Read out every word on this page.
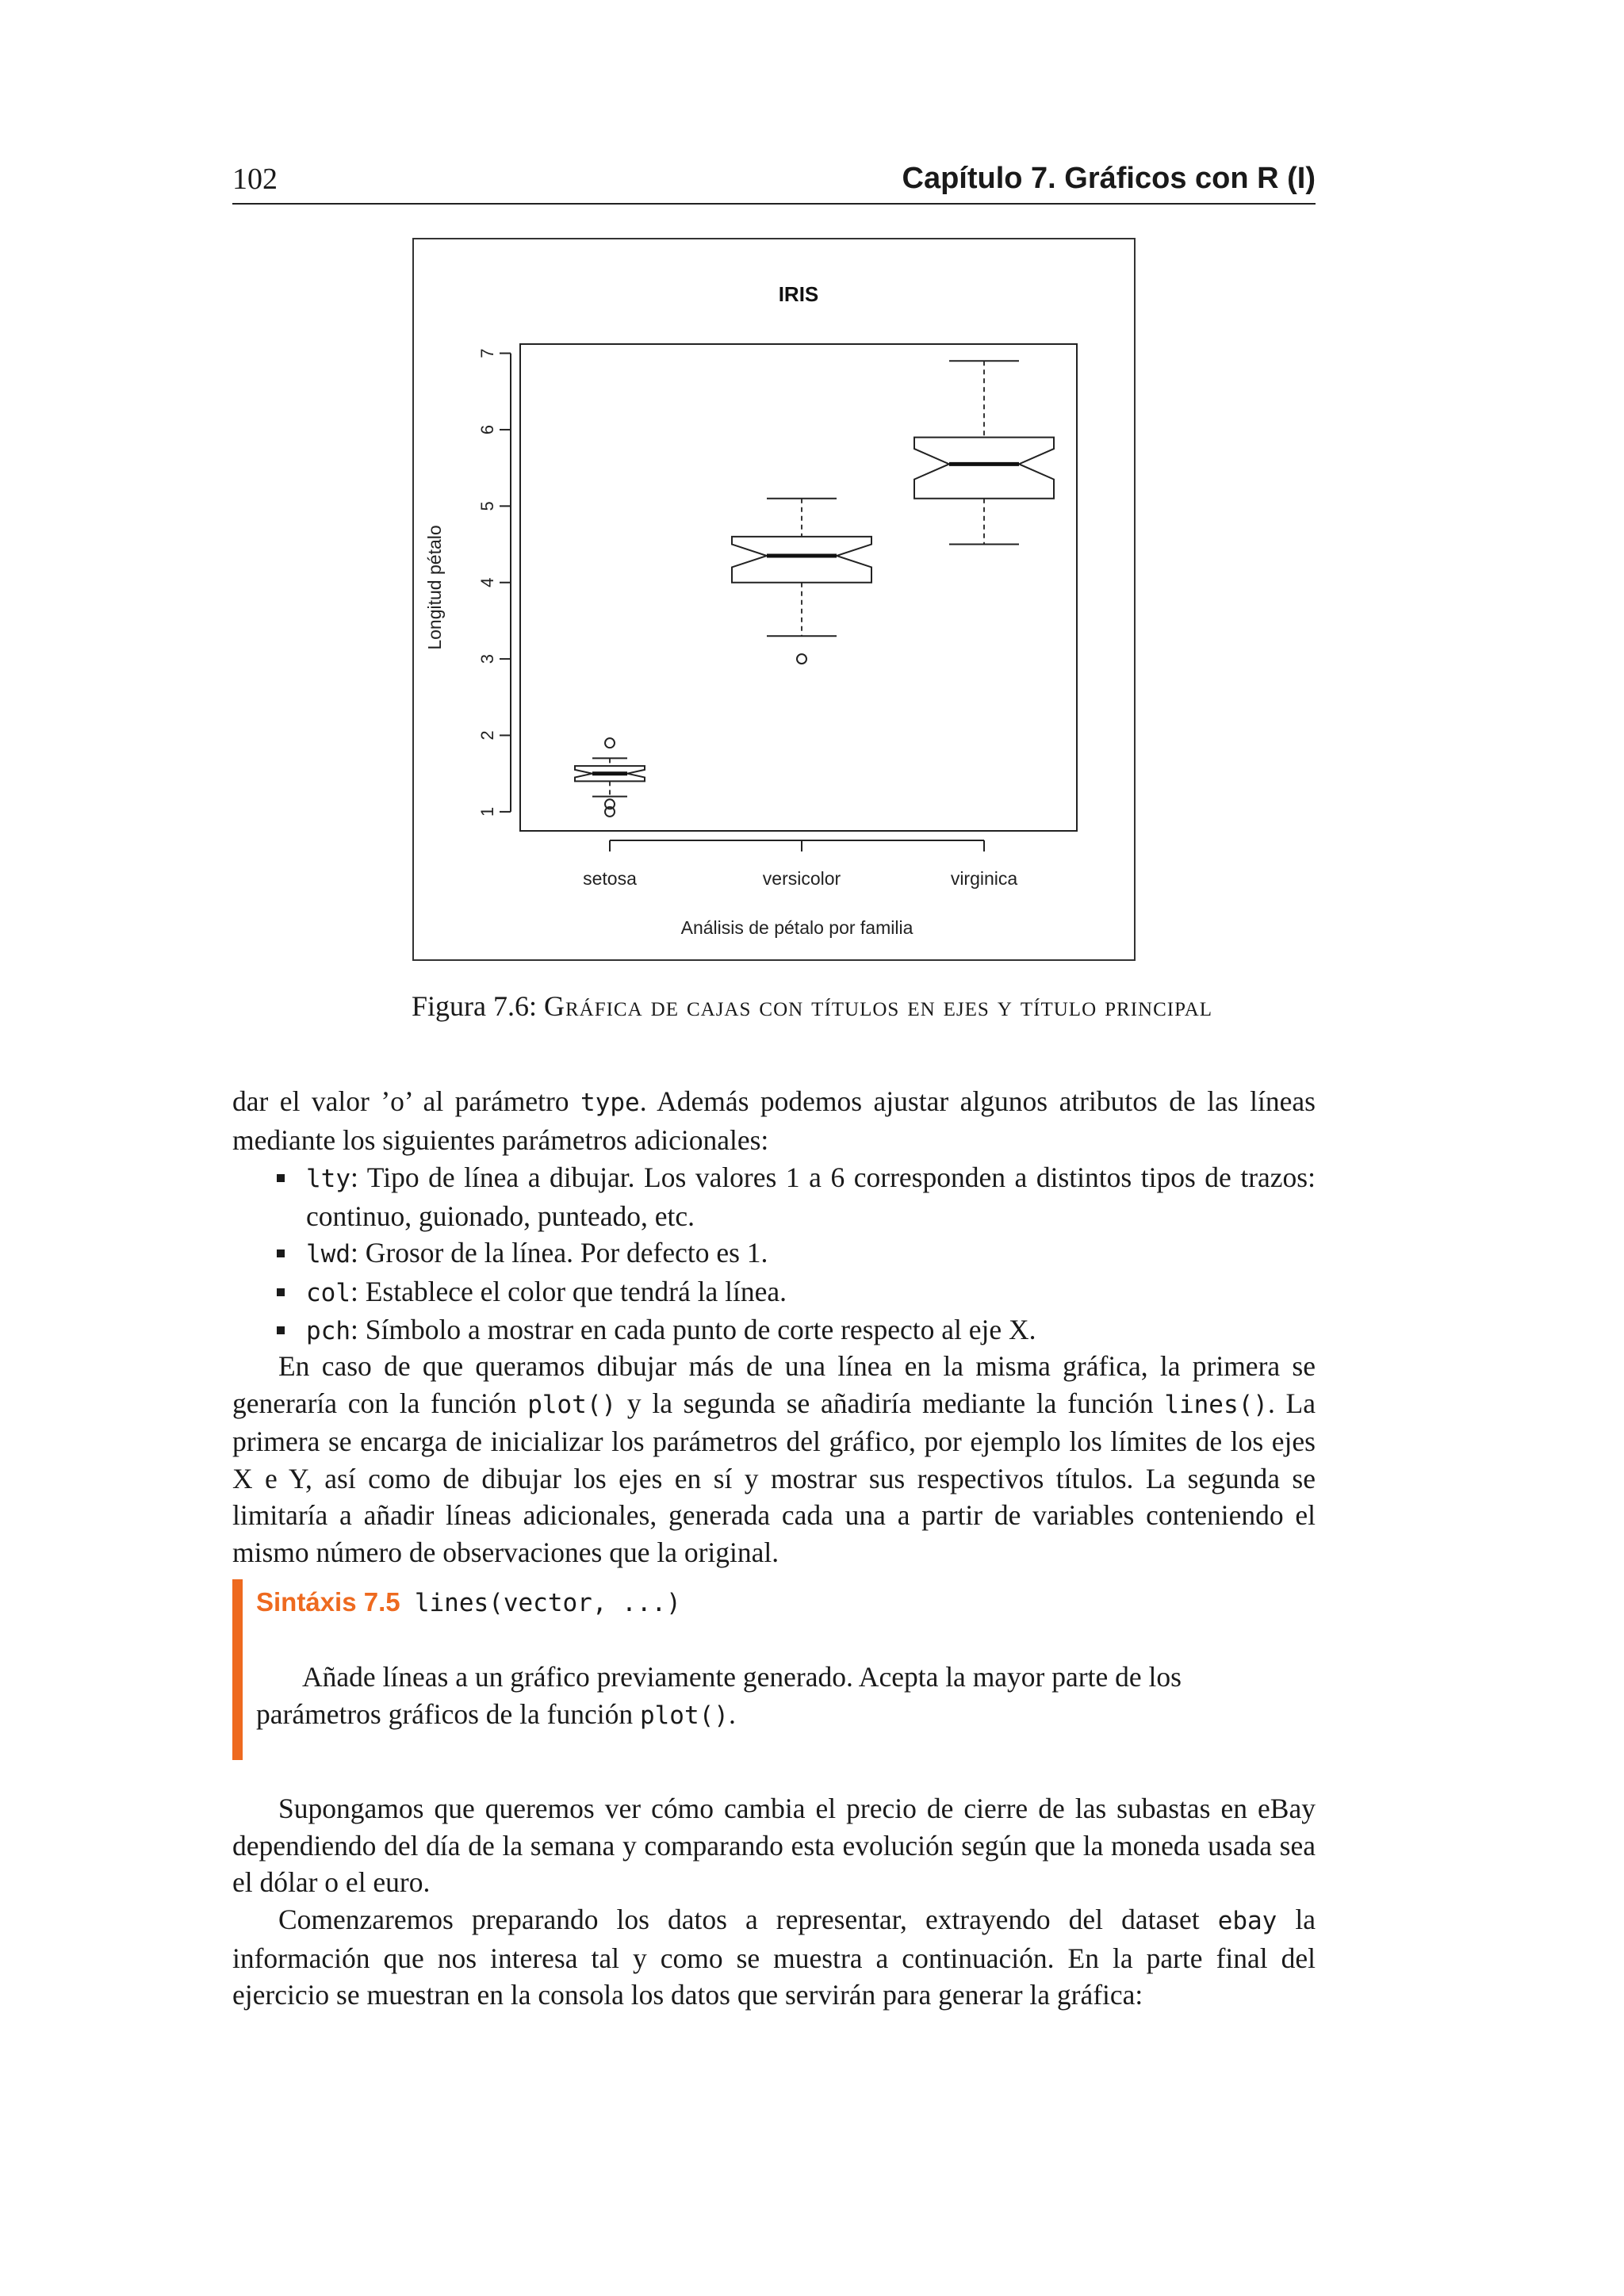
102	Capítulo 7. Gráficos con R (I)
IRIS
1
2
3
4
5
6
7
Longitud pétalo
setosa	versicolor	virginica
Análisis de pétalo por familia
Figura 7.6: Gráfica de cajas con títulos en ejes y título principal

dar el valor ’o’ al parámetro type. Además podemos ajustar algunos atributos de las líneas mediante los siguientes parámetros adicionales:

lty: Tipo de línea a dibujar. Los valores 1 a 6 corresponden a distintos tipos de trazos: continuo, guionado, punteado, etc.
lwd: Grosor de la línea. Por defecto es 1.
col: Establece el color que tendrá la línea.
pch: Símbolo a mostrar en cada punto de corte respecto al eje X.

En caso de que queramos dibujar más de una línea en la misma gráfica, la primera se generaría con la función plot() y la segunda se añadiría mediante la función lines(). La primera se encarga de inicializar los parámetros del gráfico, por ejemplo los límites de los ejes X e Y, así como de dibujar los ejes en sí y mostrar sus respectivos títulos. La segunda se limitaría a añadir líneas adicionales, generada cada una a partir de variables conteniendo el mismo número de observaciones que la original.

Sintáxis 7.5 lines(vector, ...)

Añade líneas a un gráfico previamente generado. Acepta la mayor parte de los parámetros gráficos de la función plot().

Supongamos que queremos ver cómo cambia el precio de cierre de las subastas en eBay dependiendo del día de la semana y comparando esta evolución según que la moneda usada sea el dólar o el euro.

Comenzaremos preparando los datos a representar, extrayendo del dataset ebay la información que nos interesa tal y como se muestra a continuación. En la parte final del ejercicio se muestran en la consola los datos que servirán para generar la gráfica:
